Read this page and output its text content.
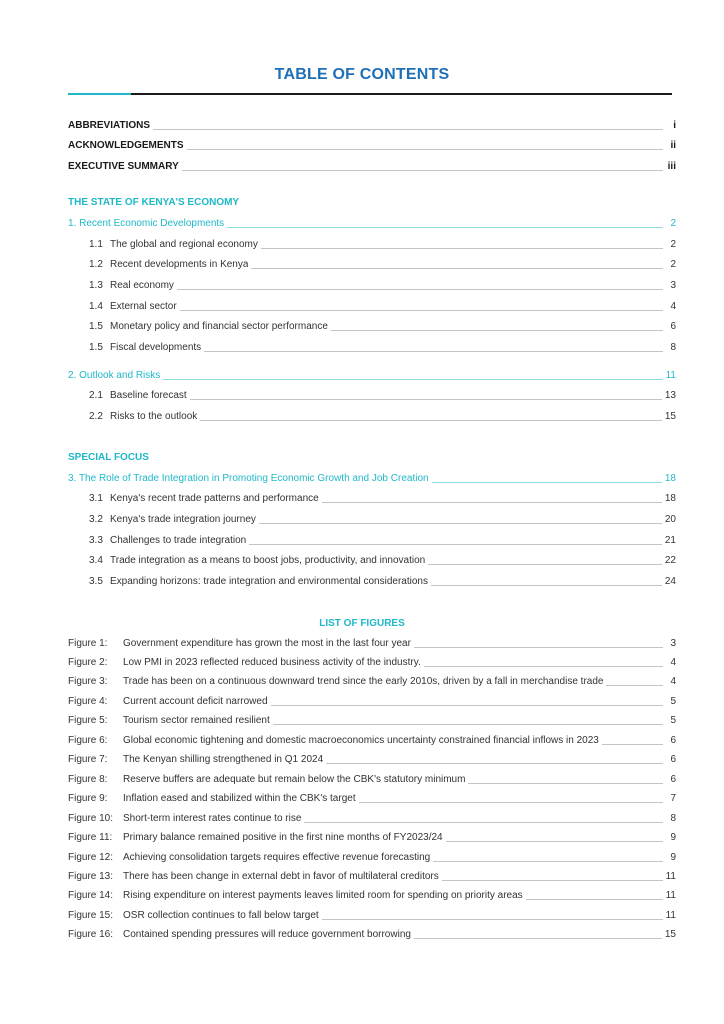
TABLE OF CONTENTS
ABBREVIATIONS	i
ACKNOWLEDGEMENTS	ii
EXECUTIVE SUMMARY	iii
THE STATE OF KENYA'S ECONOMY
1. Recent Economic Developments	2
1.1 The global and regional economy	2
1.2 Recent developments in Kenya	2
1.3 Real economy	3
1.4 External sector	4
1.5 Monetary policy and financial sector performance	6
1.5 Fiscal developments	8
2. Outlook and Risks	11
2.1 Baseline forecast	13
2.2 Risks to the outlook	15
SPECIAL FOCUS
3. The Role of Trade Integration in Promoting Economic Growth and Job Creation	18
3.1 Kenya's recent trade patterns and performance	18
3.2 Kenya's trade integration journey	20
3.3 Challenges to trade integration	21
3.4 Trade integration as a means to boost jobs, productivity, and innovation	22
3.5 Expanding horizons: trade integration and environmental considerations	24
LIST OF FIGURES
Figure 1:	Government expenditure has grown the most in the last four year	3
Figure 2:	Low PMI in 2023 reflected reduced business activity of the industry.	4
Figure 3:	Trade has been on a continuous downward trend since the early 2010s, driven by a fall in merchandise trade	4
Figure 4:	Current account deficit narrowed	5
Figure 5:	Tourism sector remained resilient	5
Figure 6:	Global economic tightening and domestic macroeconomics uncertainty constrained financial inflows in 2023	6
Figure 7:	The Kenyan shilling strengthened in Q1 2024	6
Figure 8:	Reserve buffers are adequate but remain below the CBK's statutory minimum	6
Figure 9:	Inflation eased and stabilized within the CBK's target	7
Figure 10: Short-term interest rates continue to rise	8
Figure 11:	Primary balance remained positive in the first nine months of FY2023/24	9
Figure 12: Achieving consolidation targets requires effective revenue forecasting	9
Figure 13: There has been change in external debt in favor of multilateral creditors	11
Figure 14: Rising expenditure on interest payments leaves limited room for spending on priority areas	11
Figure 15: OSR collection continues to fall below target	11
Figure 16: Contained spending pressures will reduce government borrowing	15
